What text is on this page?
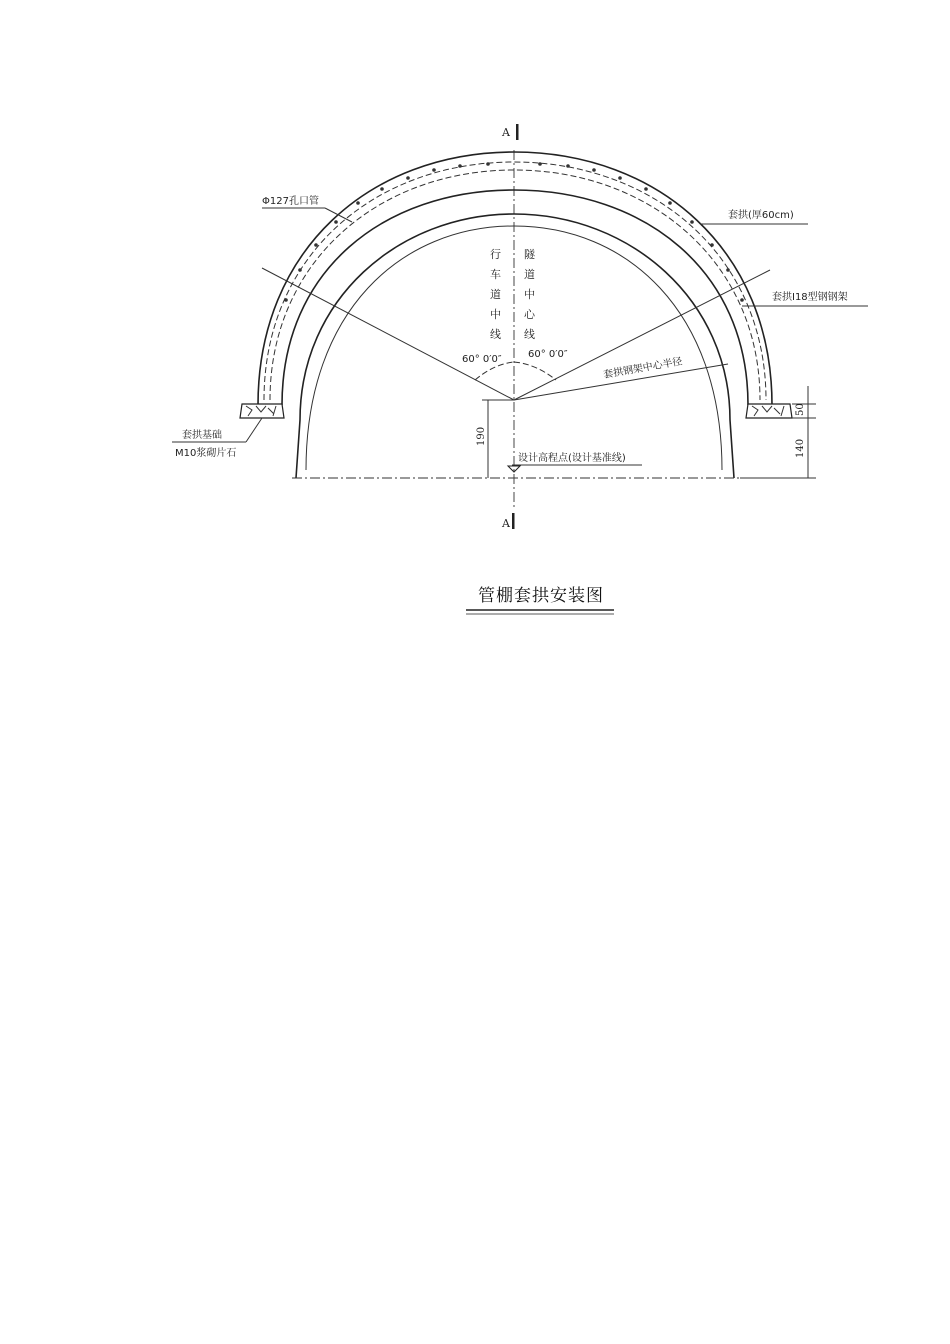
A
A
60° 0′0″	60° 0′0″
行
车
道
中
线
隧
道
中
心
线
Φ127孔口管
套拱(厚60cm)
套拱I18型钢钢架
套拱钢架中心半径
套拱基础
M10浆砌片石	设计高程点(设计基准线)
190
50
140
管棚套拱安装图
